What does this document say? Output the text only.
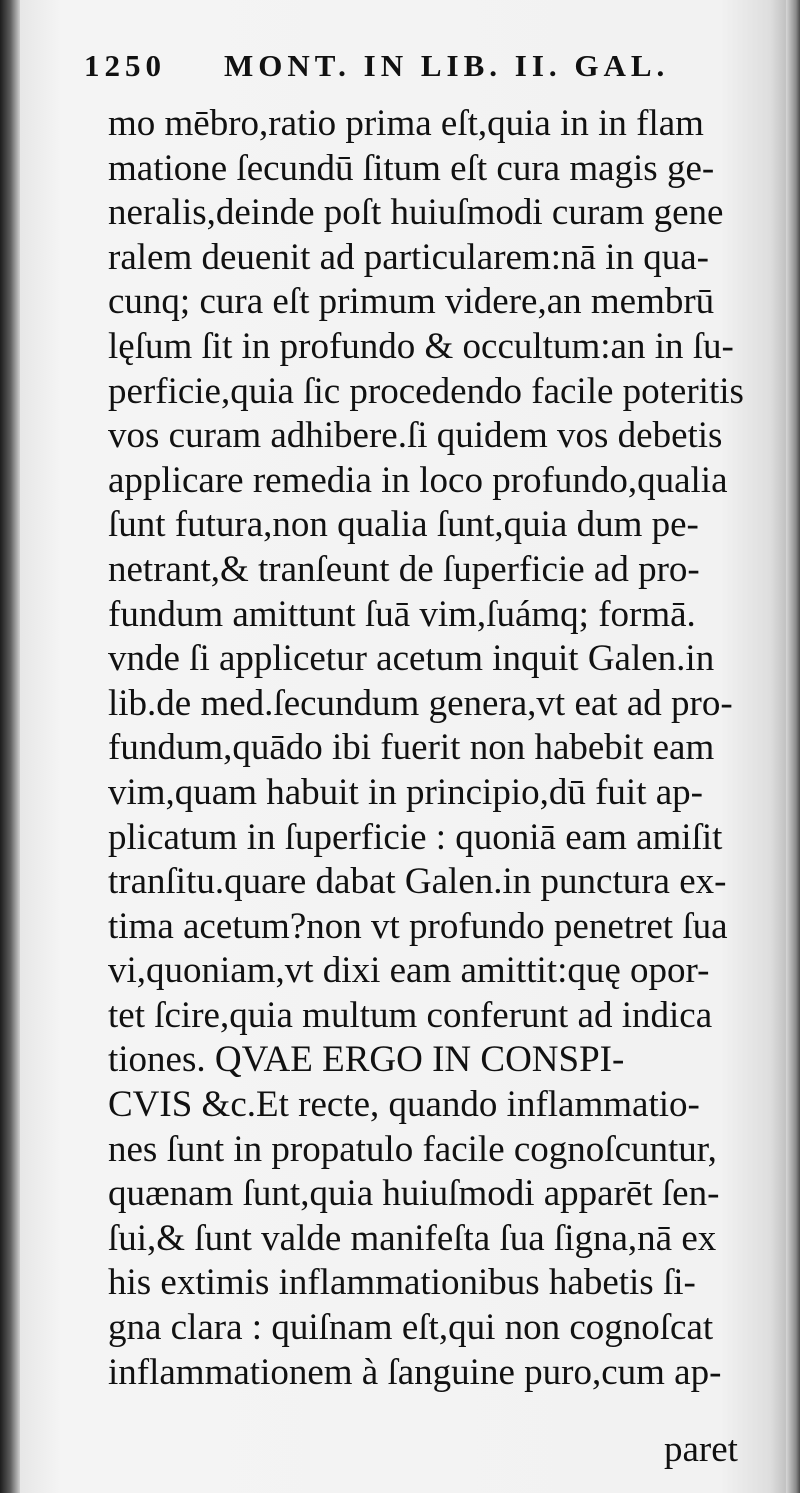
1250 MONT. IN LIB. II. GAL.
mo mēbro,ratio prima eſt,quia in in flam
matione ſecundū ſitum eſt cura magis ge-
neralis,deinde poſt huiuſmodi curam gene
ralem deuenit ad particularem:nā in qua-
cunq; cura eſt primum videre,an membrū
lęſum ſit in profundo & occultum:an in ſu-
perficie,quia ſic procedendo facile poteritis
vos curam adhibere.ſi quidem vos debetis
applicare remedia in loco profundo,qualia
ſunt futura,non qualia ſunt,quia dum pe-
netrant,& tranſeunt de ſuperficie ad pro-
fundum amittunt ſuā vim,ſuámq; formā.
vnde ſi applicetur acetum inquit Galen.in
lib.de med.ſecundum genera,vt eat ad pro-
fundum,quādo ibi fuerit non habebit eam
vim,quam habuit in principio,dū fuit ap-
plicatum in ſuperficie : quoniā eam amiſit
tranſitu.quare dabat Galen.in punctura ex-
tima acetum?non vt profundo penetret ſua
vi,quoniam,vt dixi eam amittit:quę opor-
tet ſcire,quia multum conferunt ad indica
tiones. QVAE ERGO IN CONSPI-
CVIS &c.Et recte, quando inflammatio-
nes ſunt in propatulo facile cognoſcuntur,
quænam ſunt,quia huiuſmodi apparēt ſen-
ſui,& ſunt valde manifeſta ſua ſigna,nā ex
his extimis inflammationibus habetis ſi-
gna clara : quiſnam eſt,qui non cognoſcat
inflammationem à ſanguine puro,cum ap-
paret
